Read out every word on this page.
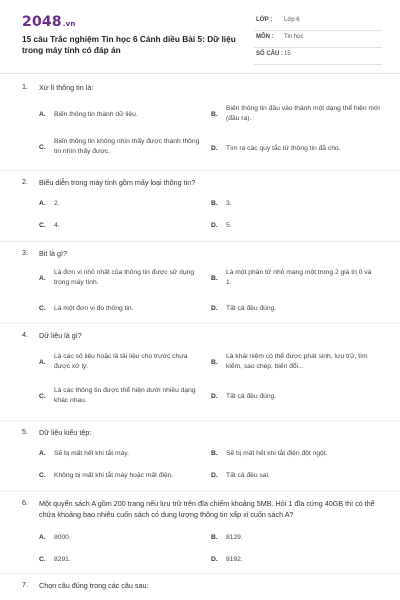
2048.vn
15 câu Trắc nghiệm Tin học 6 Cánh diều Bài 5: Dữ liệu trong máy tính có đáp án
LỚP : Lớp 6
MÔN : Tin học
SỐ CÂU : 15
1. Xử lí thông tin là:
A. Biến thông tin thành dữ liệu.	B.
Biến thông tin đầu vào thành một dạng thể hiện mới (đầu ra).
C.
Biến thông tin không nhìn thấy được thành thông tin nhìn thấy được.	D. Tìm ra các quy tắc từ thông tin đã cho.
2. Biểu diễn trong máy tính gồm mấy loại thông tin?
A. 2.	B. 3.
C. 4.	D. 5.
3. Bit là gì?
A.
Là đơn vị nhỏ nhất của thông tin được sử dụng trong máy tính.
B.
Là một phần tử nhỏ mang một trong 2 giá trị 0 và 1.
C. Là một đơn vị đo thông tin.	D. Tất cả đều đúng.
4. Dữ liệu là gì?
A.
Là các số liệu hoặc là tài liệu cho trước chưa được xử lý.
B.
Là khái niệm có thể được phát sinh, lưu trữ, tìm kiếm, sao chép, biến đổi...
C.
Là các thông tin được thể hiện dưới nhiều dạng khác nhau.
D. Tất cả đều đúng.
5. Dữ liệu kiểu tệp:
A. Sẽ bị mất hết khi tắt máy.	B. Sẽ bị mất hết khi tắt điện đột ngột.
C. Không bị mất khi tắt máy hoặc mất điện.	D. Tất cả đều sai.
6. Một quyển sách A gồm 200 trang nếu lưu trữ trên đĩa chiếm khoảng 5MB. Hỏi 1 đĩa cứng 40GB thì có thể chứa khoảng bao nhiêu cuốn sách có dung lượng thông tin xấp xỉ cuốn sách A?
A. 8000.	B. 8129.
C. 8291.	D. 8192.
7. Chọn câu đúng trong các câu sau:
